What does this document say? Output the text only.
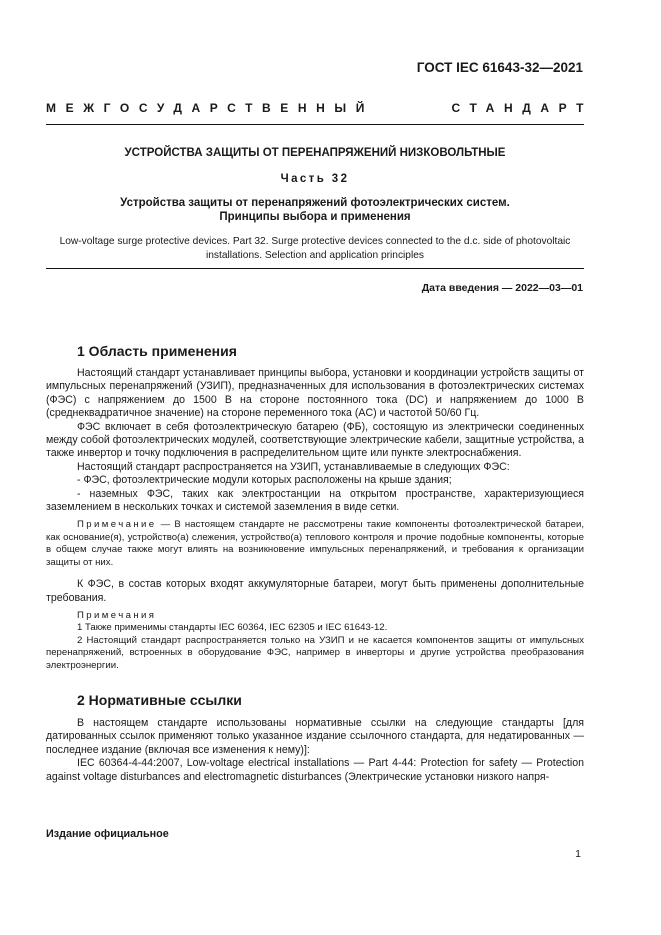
ГОСТ IEC 61643-32—2021
МЕЖГОСУДАРСТВЕННЫЙ	СТАНДАРТ
УСТРОЙСТВА ЗАЩИТЫ ОТ ПЕРЕНАПРЯЖЕНИЙ НИЗКОВОЛЬТНЫЕ
Часть 32
Устройства защиты от перенапряжений фотоэлектрических систем.
Принципы выбора и применения
Low-voltage surge protective devices. Part 32. Surge protective devices connected to the d.c. side of photovoltaic
installations. Selection and application principles
Дата введения — 2022—03—01
1 Область применения

Настоящий стандарт устанавливает принципы выбора, установки и координации устройств защиты от импульсных перенапряжений (УЗИП), предназначенных для использования в фотоэлектрических системах (ФЭС) с напряжением до 1500 В на стороне постоянного тока (DC) и напряжением до 1000 В (среднеквадратичное значение) на стороне переменного тока (AC) и частотой 50/60 Гц.

ФЭС включает в себя фотоэлектрическую батарею (ФБ), состоящую из электрически соединенных между собой фотоэлектрических модулей, соответствующие электрические кабели, защитные устройства, а также инвертор и точку подключения в распределительном щите или пункте электроснабжения.

Настоящий стандарт распространяется на УЗИП, устанавливаемые в следующих ФЭС:

- ФЭС, фотоэлектрические модули которых расположены на крыше здания;

- наземных ФЭС, таких как электростанции на открытом пространстве, характеризующиеся заземлением в нескольких точках и системой заземления в виде сетки.

Примечание — В настоящем стандарте не рассмотрены такие компоненты фотоэлектрической батареи, как основание(я), устройство(а) слежения, устройство(а) теплового контроля и прочие подобные компоненты, которые в общем случае также могут влиять на возникновение импульсных перенапряжений, и требования к организации защиты от них.

К ФЭС, в состав которых входят аккумуляторные батареи, могут быть применены дополнительные требования.

Примечания

1 Также применимы стандарты IEC 60364, IEC 62305 и IEC 61643-12.

2 Настоящий стандарт распространяется только на УЗИП и не касается компонентов защиты от импульсных перенапряжений, встроенных в оборудование ФЭС, например в инверторы и другие устройства преобразования электроэнергии.

2 Нормативные ссылки

В настоящем стандарте использованы нормативные ссылки на следующие стандарты [для датированных ссылок применяют только указанное издание ссылочного стандарта, для недатированных — последнее издание (включая все изменения к нему)]:

IEC 60364-4-44:2007, Low-voltage electrical installations — Part 4-44: Protection for safety — Protection against voltage disturbances and electromagnetic disturbances (Электрические установки низкого напря-

Издание официальное
1
